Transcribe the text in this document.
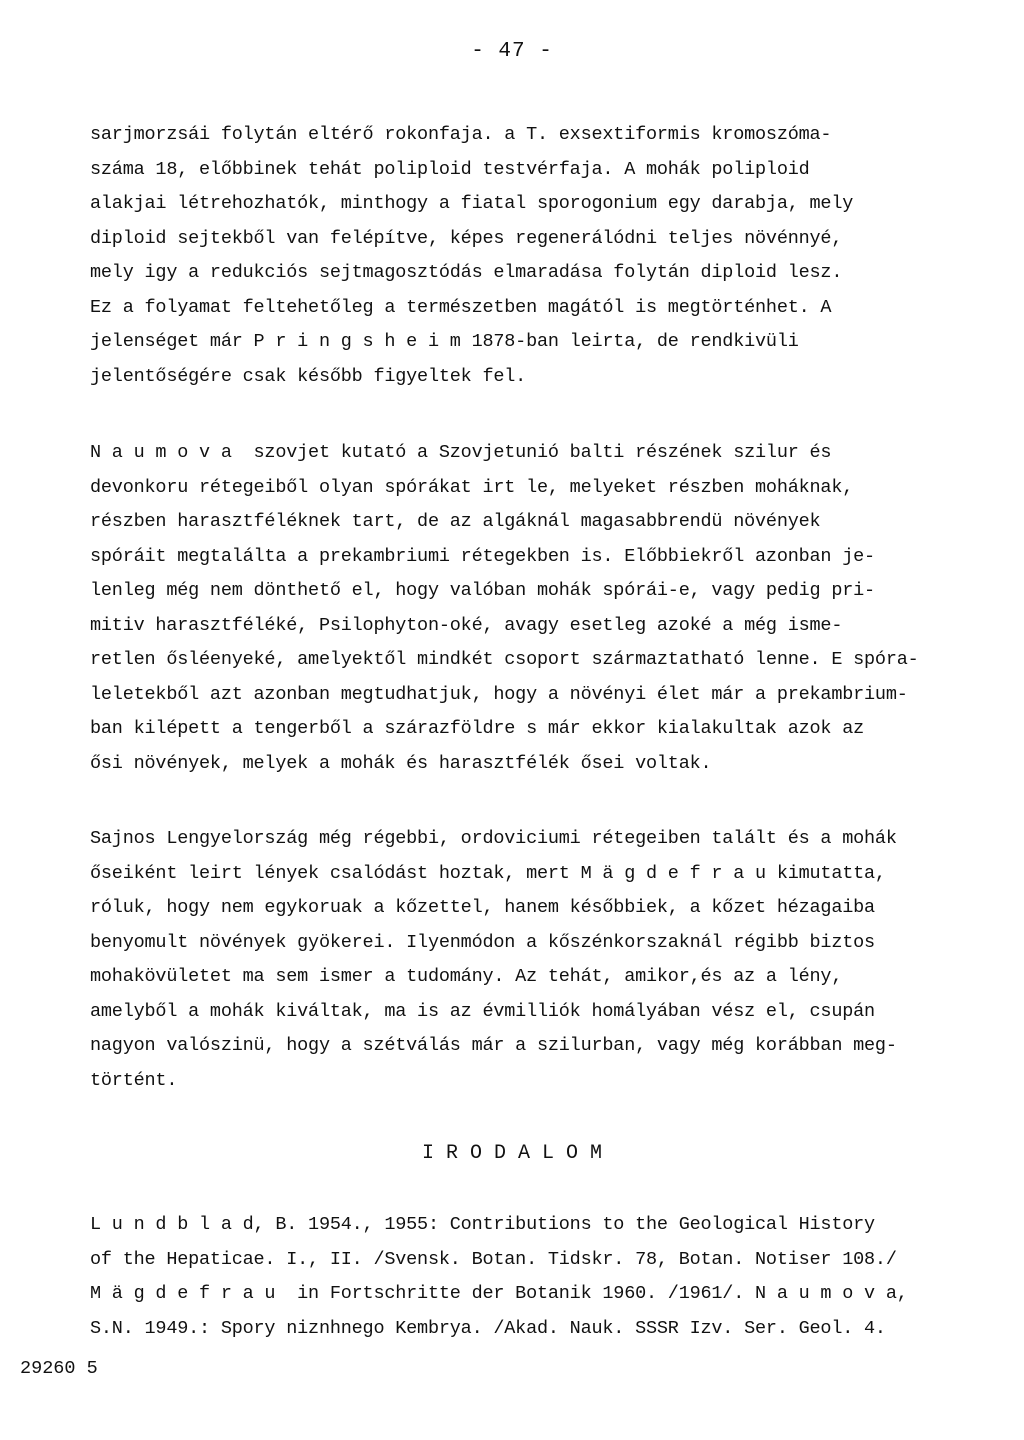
- 47 -
sarjmorzsái folytán eltérő rokonfaja. a T. exsextiformis kromoszóma-
száma 18, előbbinek tehát poliploid testvérfaja. A mohák poliploid
alakjai létrehozhatók, minthogy a fiatal sporogonium egy darabja, mely
diploid sejtekből van felépítve, képes regenerálódni teljes növénnyé,
mely igy a redukciós sejtmagosztódás elmaradása folytán diploid lesz.
Ez a folyamat feltehetőleg a természetben magától is megtörténhet. A
jelenséget már P r i n g s h e i m 1878-ban leirta, de rendkivüli
jelentőségére csak később figyeltek fel.
N a u m o v a  szovjet kutató a Szovjetunió balti részének szilur és
devonkoru rétegeiből olyan spórákat irt le, melyeket részben moháknak,
részben harasztféléknek tart, de az algáknál magasabbrendü növények
spóráit megtalálta a prekambriumi rétegekben is. Előbbiekről azonban je-
lenleg még nem dönthető el, hogy valóban mohák spórái-e, vagy pedig pri-
mitiv harasztféléké, Psilophyton-oké, avagy esetleg azoké a még isme-
retlen ősléenyeké, amelyektől mindkét csoport származtatható lenne. E spóra-
leletekből azt azonban megtudhatjuk, hogy a növényi élet már a prekambrium-
ban kilépett a tengerből a szárazföldre s már ekkor kialakultak azok az
ősi növények, melyek a mohák és harasztfélék ősei voltak.
Sajnos Lengyelország még régebbi, ordoviciumi rétegeiben talált és a mohák
őseiként leirt lények csalódást hoztak, mert M ä g d e f r a u kimutatta,
róluk, hogy nem egykoruak a kőzettel, hanem későbbiek, a kőzet hézagaiba
benyomult növények gyökerei. Ilyenmódon a kőszénkorszaknál régibb biztos
mohakövületet ma sem ismer a tudomány. Az tehát, amikor,és az a lény,
amelyből a mohák kiváltak, ma is az évmilliók homályában vész el, csupán
nagyon valószinü, hogy a szétválás már a szilurban, vagy még korábban meg-
történt.
I R O D A L O M
L u n d b l a d, B. 1954., 1955: Contributions to the Geological History
of the Hepaticae. I., II. /Svensk. Botan. Tidskr. 78, Botan. Notiser 108./
M ä g d e f r a u  in Fortschritte der Botanik 1960. /1961/. N a u m o v a,
S.N. 1949.: Spory niznhnego Kembrya. /Akad. Nauk. SSSR Izv. Ser. Geol. 4.
29260 5
